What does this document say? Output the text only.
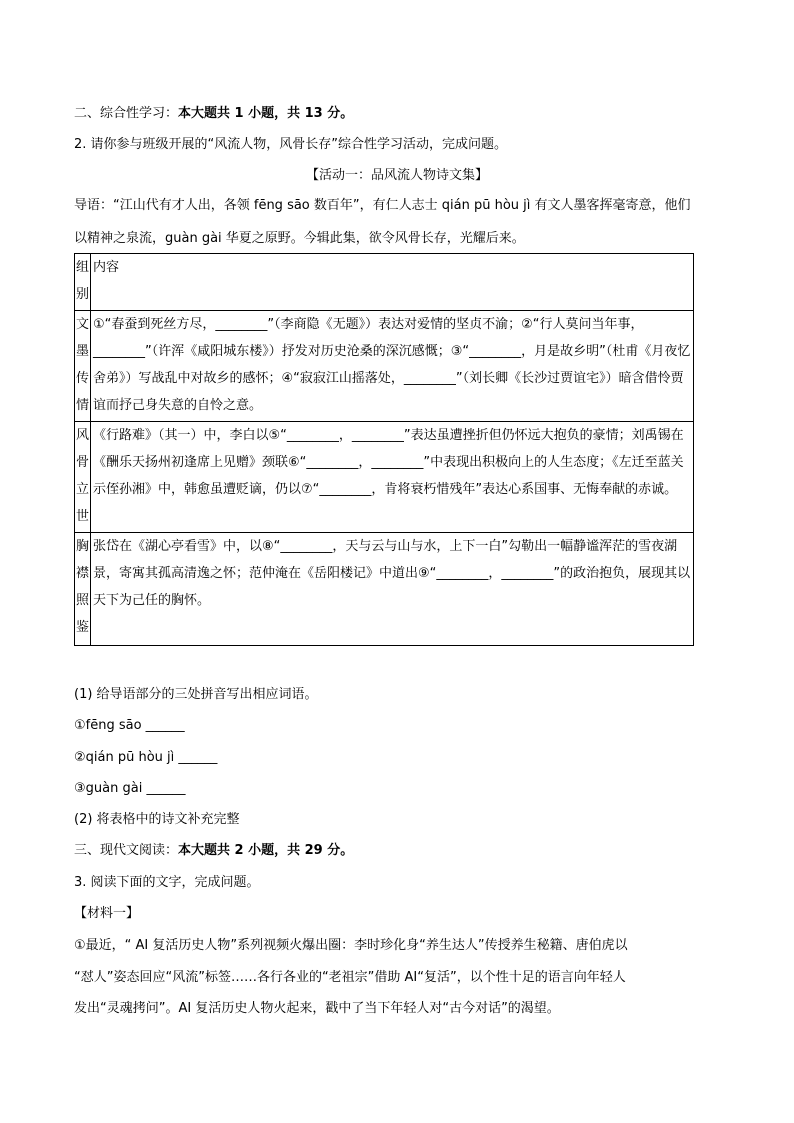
二、综合性学习：本大题共 1 小题，共 13 分。
2. 请你参与班级开展的“风流人物，风骨长存”综合性学习活动，完成问题。
【活动一：品风流人物诗文集】
导语：“江山代有才人出，各领 fēng sāo 数百年”，有仁人志士 qián pū hòu jì 有文人墨客挥毫寄意，他们
以精神之泉流，guàn gài 华夏之原野。今辑此集，欲令风骨长存，光耀后来。
组
别	内容

文
墨
传
情	①“春蚕到死丝方尽，________”（李商隐《无题》）表达对爱情的坚贞不渝；②“行人莫问当年事，________”（许浑《咸阳城东楼》）抒发对历史沧桑的深沉感慨；③“________，月是故乡明”（杜甫《月夜忆舍弟》）写战乱中对故乡的感怀；④“寂寂江山摇落处，________”（刘长卿《长沙过贾谊宅》）暗含借怜贾谊而抒己身失意的自怜之意。

风
骨
立
世	《行路难》（其一）中，李白以⑤“________，________”表达虽遭挫折但仍怀远大抱负的豪情；刘禹锡在《酬乐天扬州初逢席上见赠》颈联⑥“________，________”中表现出积极向上的人生态度；《左迁至蓝关示侄孙湘》中，韩愈虽遭贬谪，仍以⑦“________，肯将衰朽惜残年”表达心系国事、无悔奉献的赤诚。

胸
襟
照
鉴	张岱在《湖心亭看雪》中，以⑧“________，天与云与山与水，上下一白”勾勒出一幅静谧浑茫的雪夜湖景，寄寓其孤高清逸之怀；范仲淹在《岳阳楼记》中道出⑨“________，________”的政治抱负，展现其以天下为己任的胸怀。
(1) 给导语部分的三处拼音写出相应词语。
①fēng sāo ______
②qián pū hòu jì ______
③guàn gài ______
(2) 将表格中的诗文补充完整
三、现代文阅读：本大题共 2 小题，共 29 分。
3. 阅读下面的文字，完成问题。
【材料一】
①最近，“ AI 复活历史人物”系列视频火爆出圈：李时珍化身“养生达人”传授养生秘籍、唐伯虎以
“怼人”姿态回应“风流”标签……各行各业的“老祖宗”借助 AI“复活”，以个性十足的语言向年轻人
发出“灵魂拷问”。AI 复活历史人物火起来，戳中了当下年轻人对“古今对话”的渴望。
